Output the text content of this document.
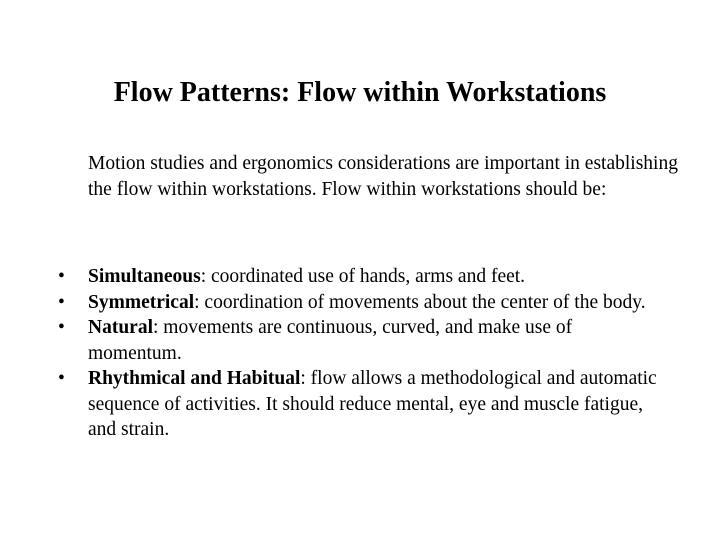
Flow Patterns: Flow within Workstations
Motion studies and ergonomics considerations are important in establishing the flow within workstations. Flow within workstations should be:
•	Simultaneous: coordinated use of hands, arms and feet.
•	Symmetrical: coordination of movements about the center of the body.
•	Natural: movements are continuous, curved, and make use of momentum.
•	Rhythmical and Habitual: flow allows a methodological and automatic sequence of activities. It should reduce mental, eye and muscle fatigue, and strain.
